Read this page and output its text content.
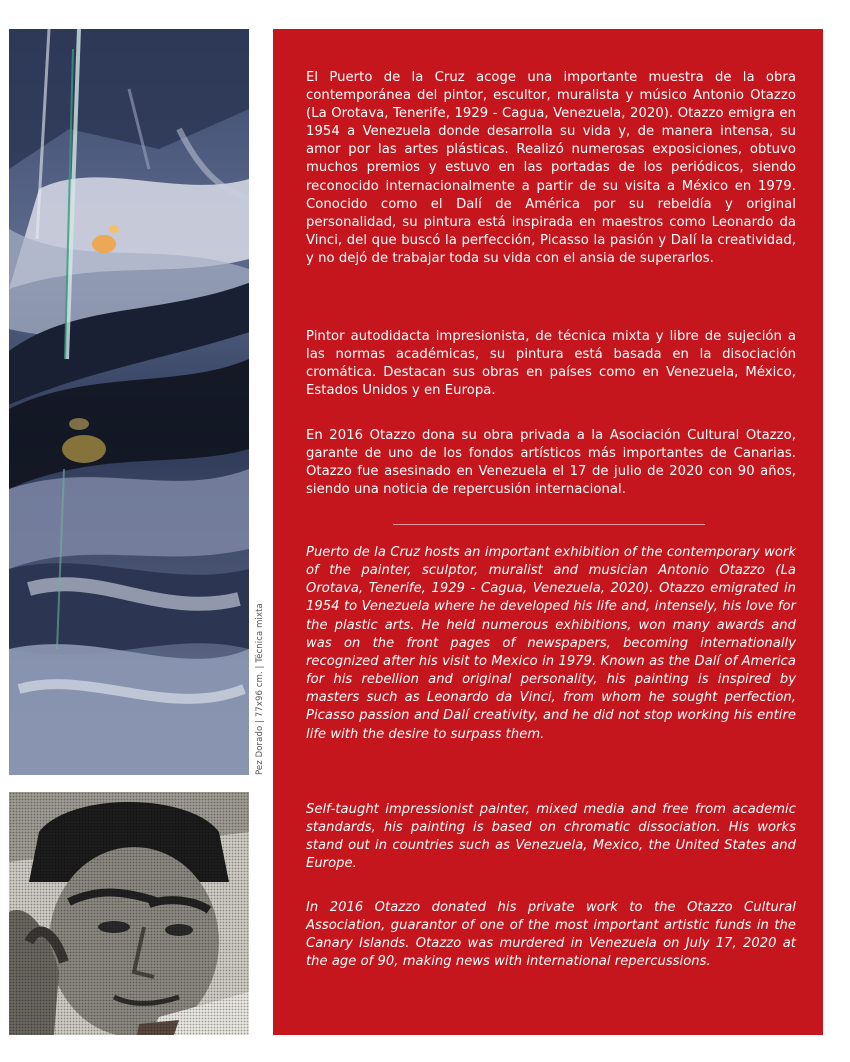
Pez Dorado | 77x96 cm. | Técnica mixta
El Puerto de la Cruz acoge una importante muestra de la obra contemporánea del pintor, escultor, muralista y músico Antonio Otazzo (La Orotava, Tenerife, 1929 - Cagua, Venezuela, 2020). Otazzo emigra en 1954 a Venezuela donde desarrolla su vida y, de manera intensa, su amor por las artes plásticas. Realizó numerosas exposiciones, obtuvo muchos premios y estuvo en las portadas de los periódicos, siendo reconocido internacionalmente a partir de su visita a México en 1979. Conocido como el Dalí de América por su rebeldía y original personalidad, su pintura está inspirada en maestros como Leonardo da Vinci, del que buscó la perfección, Picasso la pasión y Dalí la creatividad, y no dejó de trabajar toda su vida con el ansia de superarlos.
Pintor autodidacta impresionista, de técnica mixta y libre de sujeción a las normas académicas, su pintura está basada en la disociación cromática. Destacan sus obras en países como en Venezuela, México, Estados Unidos y en Europa.
En 2016 Otazzo dona su obra privada a la Asociación Cultural Otazzo, garante de uno de los fondos artísticos más importantes de Canarias. Otazzo fue asesinado en Venezuela el 17 de julio de 2020 con 90 años, siendo una noticia de repercusión internacional.
Puerto de la Cruz hosts an important exhibition of the contemporary work of the painter, sculptor, muralist and musician Antonio Otazzo (La Orotava, Tenerife, 1929 - Cagua, Venezuela, 2020). Otazzo emigrated in 1954 to Venezuela where he developed his life and, intensely, his love for the plastic arts. He held numerous exhibitions, won many awards and was on the front pages of newspapers, becoming internationally recognized after his visit to Mexico in 1979. Known as the Dalí of America for his rebellion and original personality, his painting is inspired by masters such as Leonardo da Vinci, from whom he sought perfection, Picasso passion and Dalí creativity, and he did not stop working his entire life with the desire to surpass them.
Self-taught impressionist painter, mixed media and free from academic standards, his painting is based on chromatic dissociation. His works stand out in countries such as Venezuela, Mexico, the United States and Europe.
In 2016 Otazzo donated his private work to the Otazzo Cultural Association, guarantor of one of the most important artistic funds in the Canary Islands. Otazzo was murdered in Venezuela on July 17, 2020 at the age of 90, making news with international repercussions.
